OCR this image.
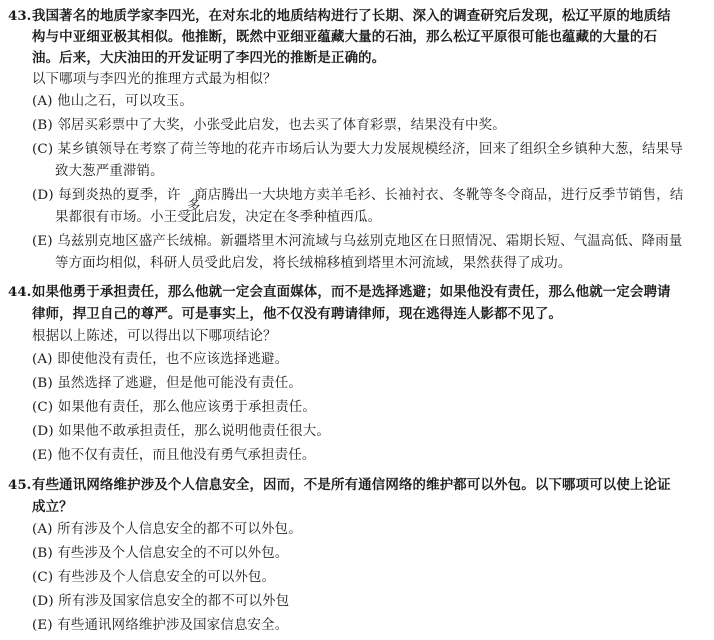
43. 我国著名的地质学家李四光，在对东北的地质结构进行了长期、深入的调查研究后发现，松辽平原的地质结
构与中亚细亚极其相似。他推断，既然中亚细亚蕴藏大量的石油，那么松辽平原很可能也蕴藏的大量的石
油。后来，大庆油田的开发证明了李四光的推断是正确的。
以下哪项与李四光的推理方式最为相似？
(A) 他山之石，可以攻玉。
(B) 邻居买彩票中了大奖，小张受此启发，也去买了体育彩票，结果没有中奖。
(C) 某乡镇领导在考察了荷兰等地的花卉市场后认为要大力发展规模经济，回来了组织全乡镇种大葱，结果导
致大葱严重滞销。
(D) 每到炎热的夏季，许　商店腾出一大块地方卖羊毛衫、长袖衬衣、冬靴等冬令商品，进行反季节销售，结
多
果都很有市场。小王受此启发，决定在冬季种植西瓜。
(E) 乌兹别克地区盛产长绒棉。新疆塔里木河流域与乌兹别克地区在日照情况、霜期长短、气温高低、降雨量
等方面均相似，科研人员受此启发，将长绒棉移植到塔里木河流域，果然获得了成功。
44. 如果他勇于承担责任，那么他就一定会直面媒体，而不是选择逃避；如果他没有责任，那么他就一定会聘请
律师，捍卫自己的尊严。可是事实上，他不仅没有聘请律师，现在逃得连人影都不见了。
根据以上陈述，可以得出以下哪项结论？
(A) 即使他没有责任，也不应该选择逃避。
(B) 虽然选择了逃避，但是他可能没有责任。
(C) 如果他有责任，那么他应该勇于承担责任。
(D) 如果他不敢承担责任，那么说明他责任很大。
(E) 他不仅有责任，而且他没有勇气承担责任。
45. 有些通讯网络维护涉及个人信息安全，因而，不是所有通信网络的维护都可以外包。以下哪项可以使上论证
成立？
(A) 所有涉及个人信息安全的都不可以外包。
(B) 有些涉及个人信息安全的不可以外包。
(C) 有些涉及个人信息安全的可以外包。
(D) 所有涉及国家信息安全的都不可以外包
(E) 有些通讯网络维护涉及国家信息安全。
